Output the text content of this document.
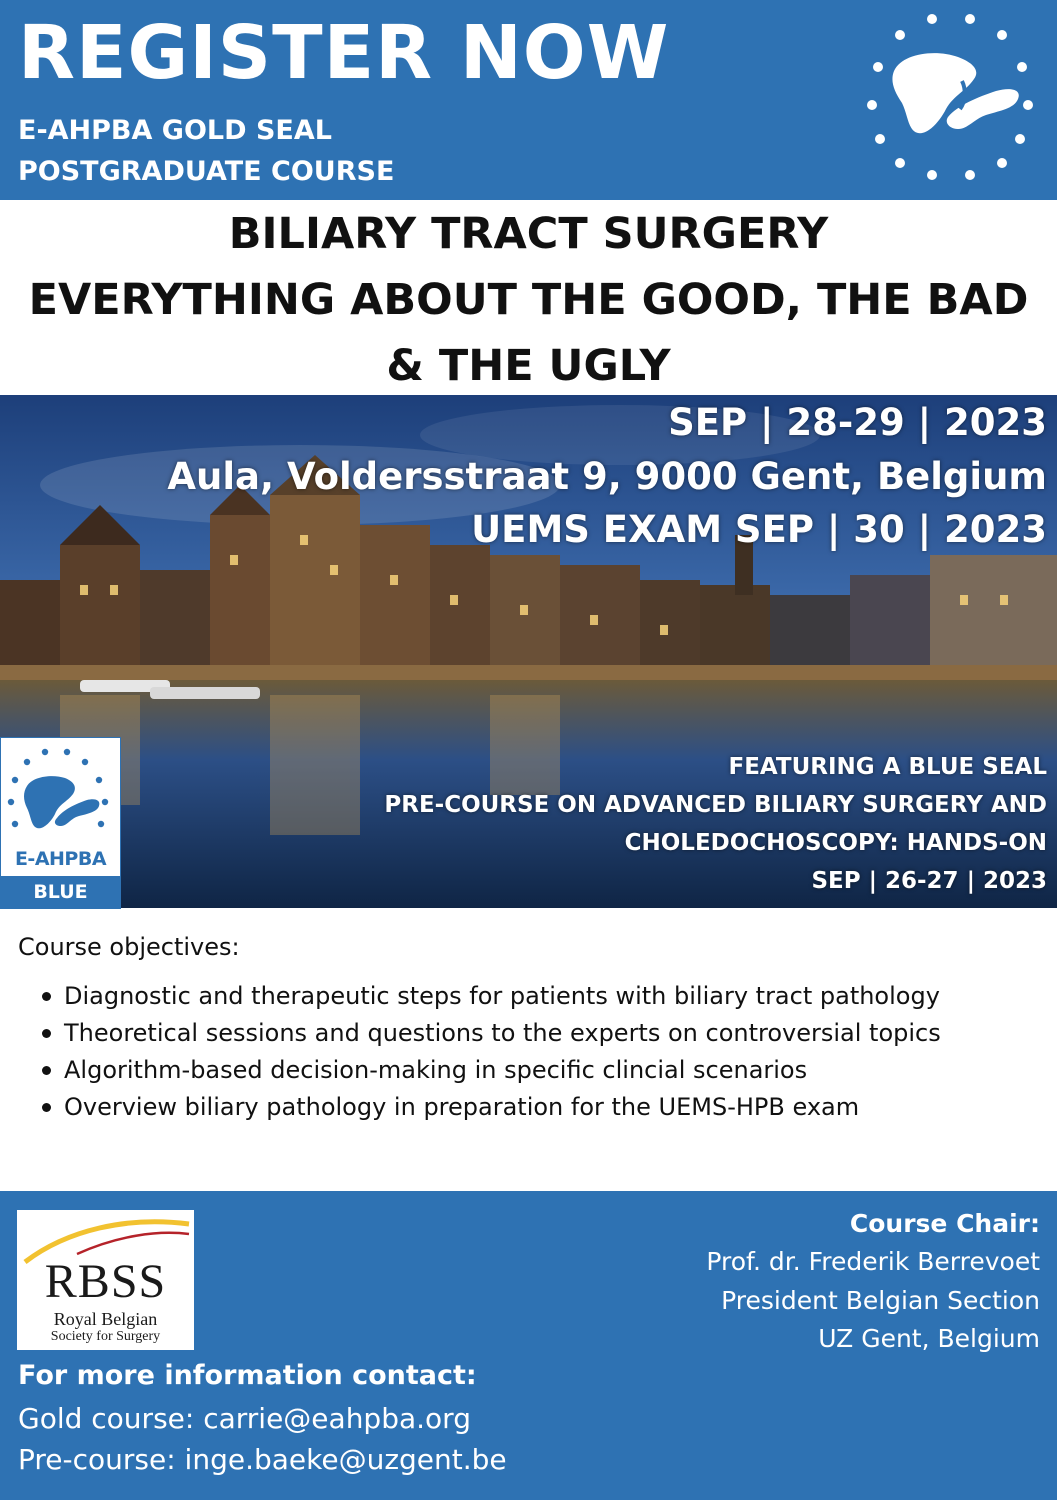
REGISTER NOW
E-AHPBA GOLD SEAL
POSTGRADUATE COURSE
BILIARY TRACT SURGERY
EVERYTHING ABOUT THE GOOD, THE BAD
& THE UGLY
SEP | 28-29 | 2023
Aula, Voldersstraat 9, 9000 Gent, Belgium
UEMS EXAM SEP | 30 | 2023
FEATURING A BLUE SEAL
PRE-COURSE ON ADVANCED BILIARY SURGERY AND
CHOLEDOCHOSCOPY: HANDS-ON
SEP | 26-27 | 2023
E-AHPBA
BLUE
Course objectives:
Diagnostic and therapeutic steps for patients with biliary tract pathology
Theoretical sessions and questions to the experts on controversial topics
Algorithm-based decision-making in specific clincial scenarios
Overview biliary pathology in preparation for the UEMS-HPB exam
RBSS
Royal Belgian
Society for Surgery
For more information contact:
Gold course: carrie@eahpba.org
Pre-course: inge.baeke@uzgent.be
Course Chair:
Prof. dr. Frederik Berrevoet
President Belgian Section
UZ Gent, Belgium
